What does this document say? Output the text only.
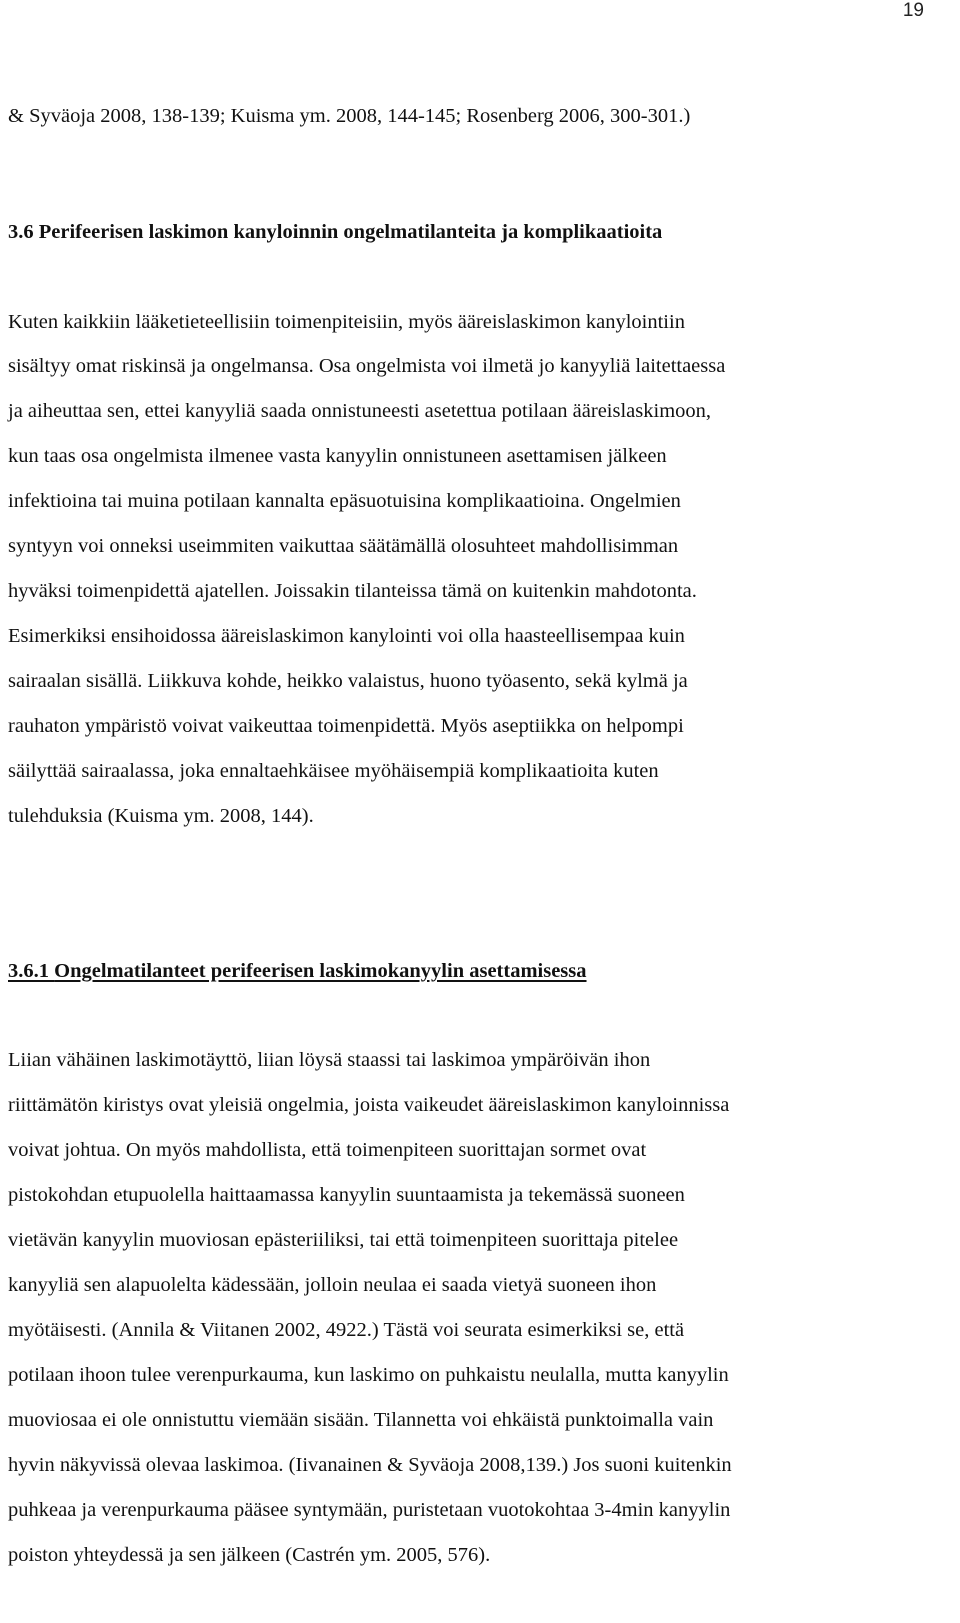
19
& Syväoja 2008, 138-139; Kuisma ym. 2008, 144-145; Rosenberg 2006, 300-301.)
3.6 Perifeerisen laskimon kanyloinnin ongelmatilanteita ja komplikaatioita
Kuten kaikkiin lääketieteellisiin toimenpiteisiin, myös ääreislaskimon kanylointiin
sisältyy omat riskinsä ja ongelmansa. Osa ongelmista voi ilmetä jo kanyyliä laitettaessa
ja aiheuttaa sen, ettei kanyyliä saada onnistuneesti asetettua potilaan ääreislaskimoon,
kun taas osa ongelmista ilmenee vasta kanyylin onnistuneen asettamisen jälkeen
infektioina tai muina potilaan kannalta epäsuotuisina komplikaatioina. Ongelmien
syntyyn voi onneksi useimmiten vaikuttaa säätämällä olosuhteet mahdollisimman
hyväksi toimenpidettä ajatellen. Joissakin tilanteissa tämä on kuitenkin mahdotonta.
Esimerkiksi ensihoidossa ääreislaskimon kanylointi voi olla haasteellisempaa kuin
sairaalan sisällä. Liikkuva kohde, heikko valaistus, huono työasento, sekä kylmä ja
rauhaton ympäristö voivat vaikeuttaa toimenpidettä. Myös aseptiikka on helpompi
säilyttää sairaalassa, joka ennaltaehkäisee myöhäisempiä komplikaatioita kuten
tulehduksia (Kuisma ym. 2008, 144).
3.6.1 Ongelmatilanteet perifeerisen laskimokanyylin asettamisessa
Liian vähäinen laskimotäyttö, liian löysä staassi tai laskimoa ympäröivän ihon
riittämätön kiristys ovat yleisiä ongelmia, joista vaikeudet ääreislaskimon kanyloinnissa
voivat johtua. On myös mahdollista, että toimenpiteen suorittajan sormet ovat
pistokohdan etupuolella haittaamassa kanyylin suuntaamista ja tekemässä suoneen
vietävän kanyylin muoviosan epästeriiliksi, tai että toimenpiteen suorittaja pitelee
kanyyliä sen alapuolelta kädessään, jolloin neulaa ei saada vietyä suoneen ihon
myötäisesti. (Annila & Viitanen 2002, 4922.) Tästä voi seurata esimerkiksi se, että
potilaan ihoon tulee verenpurkauma, kun laskimo on puhkaistu neulalla, mutta kanyylin
muoviosaa ei ole onnistuttu viemään sisään. Tilannetta voi ehkäistä punktoimalla vain
hyvin näkyvissä olevaa laskimoa. (Iivanainen & Syväoja 2008,139.) Jos suoni kuitenkin
puhkeaa ja verenpurkauma pääsee syntymään, puristetaan vuotokohtaa 3-4min kanyylin
poiston yhteydessä ja sen jälkeen (Castrén ym. 2005, 576).
